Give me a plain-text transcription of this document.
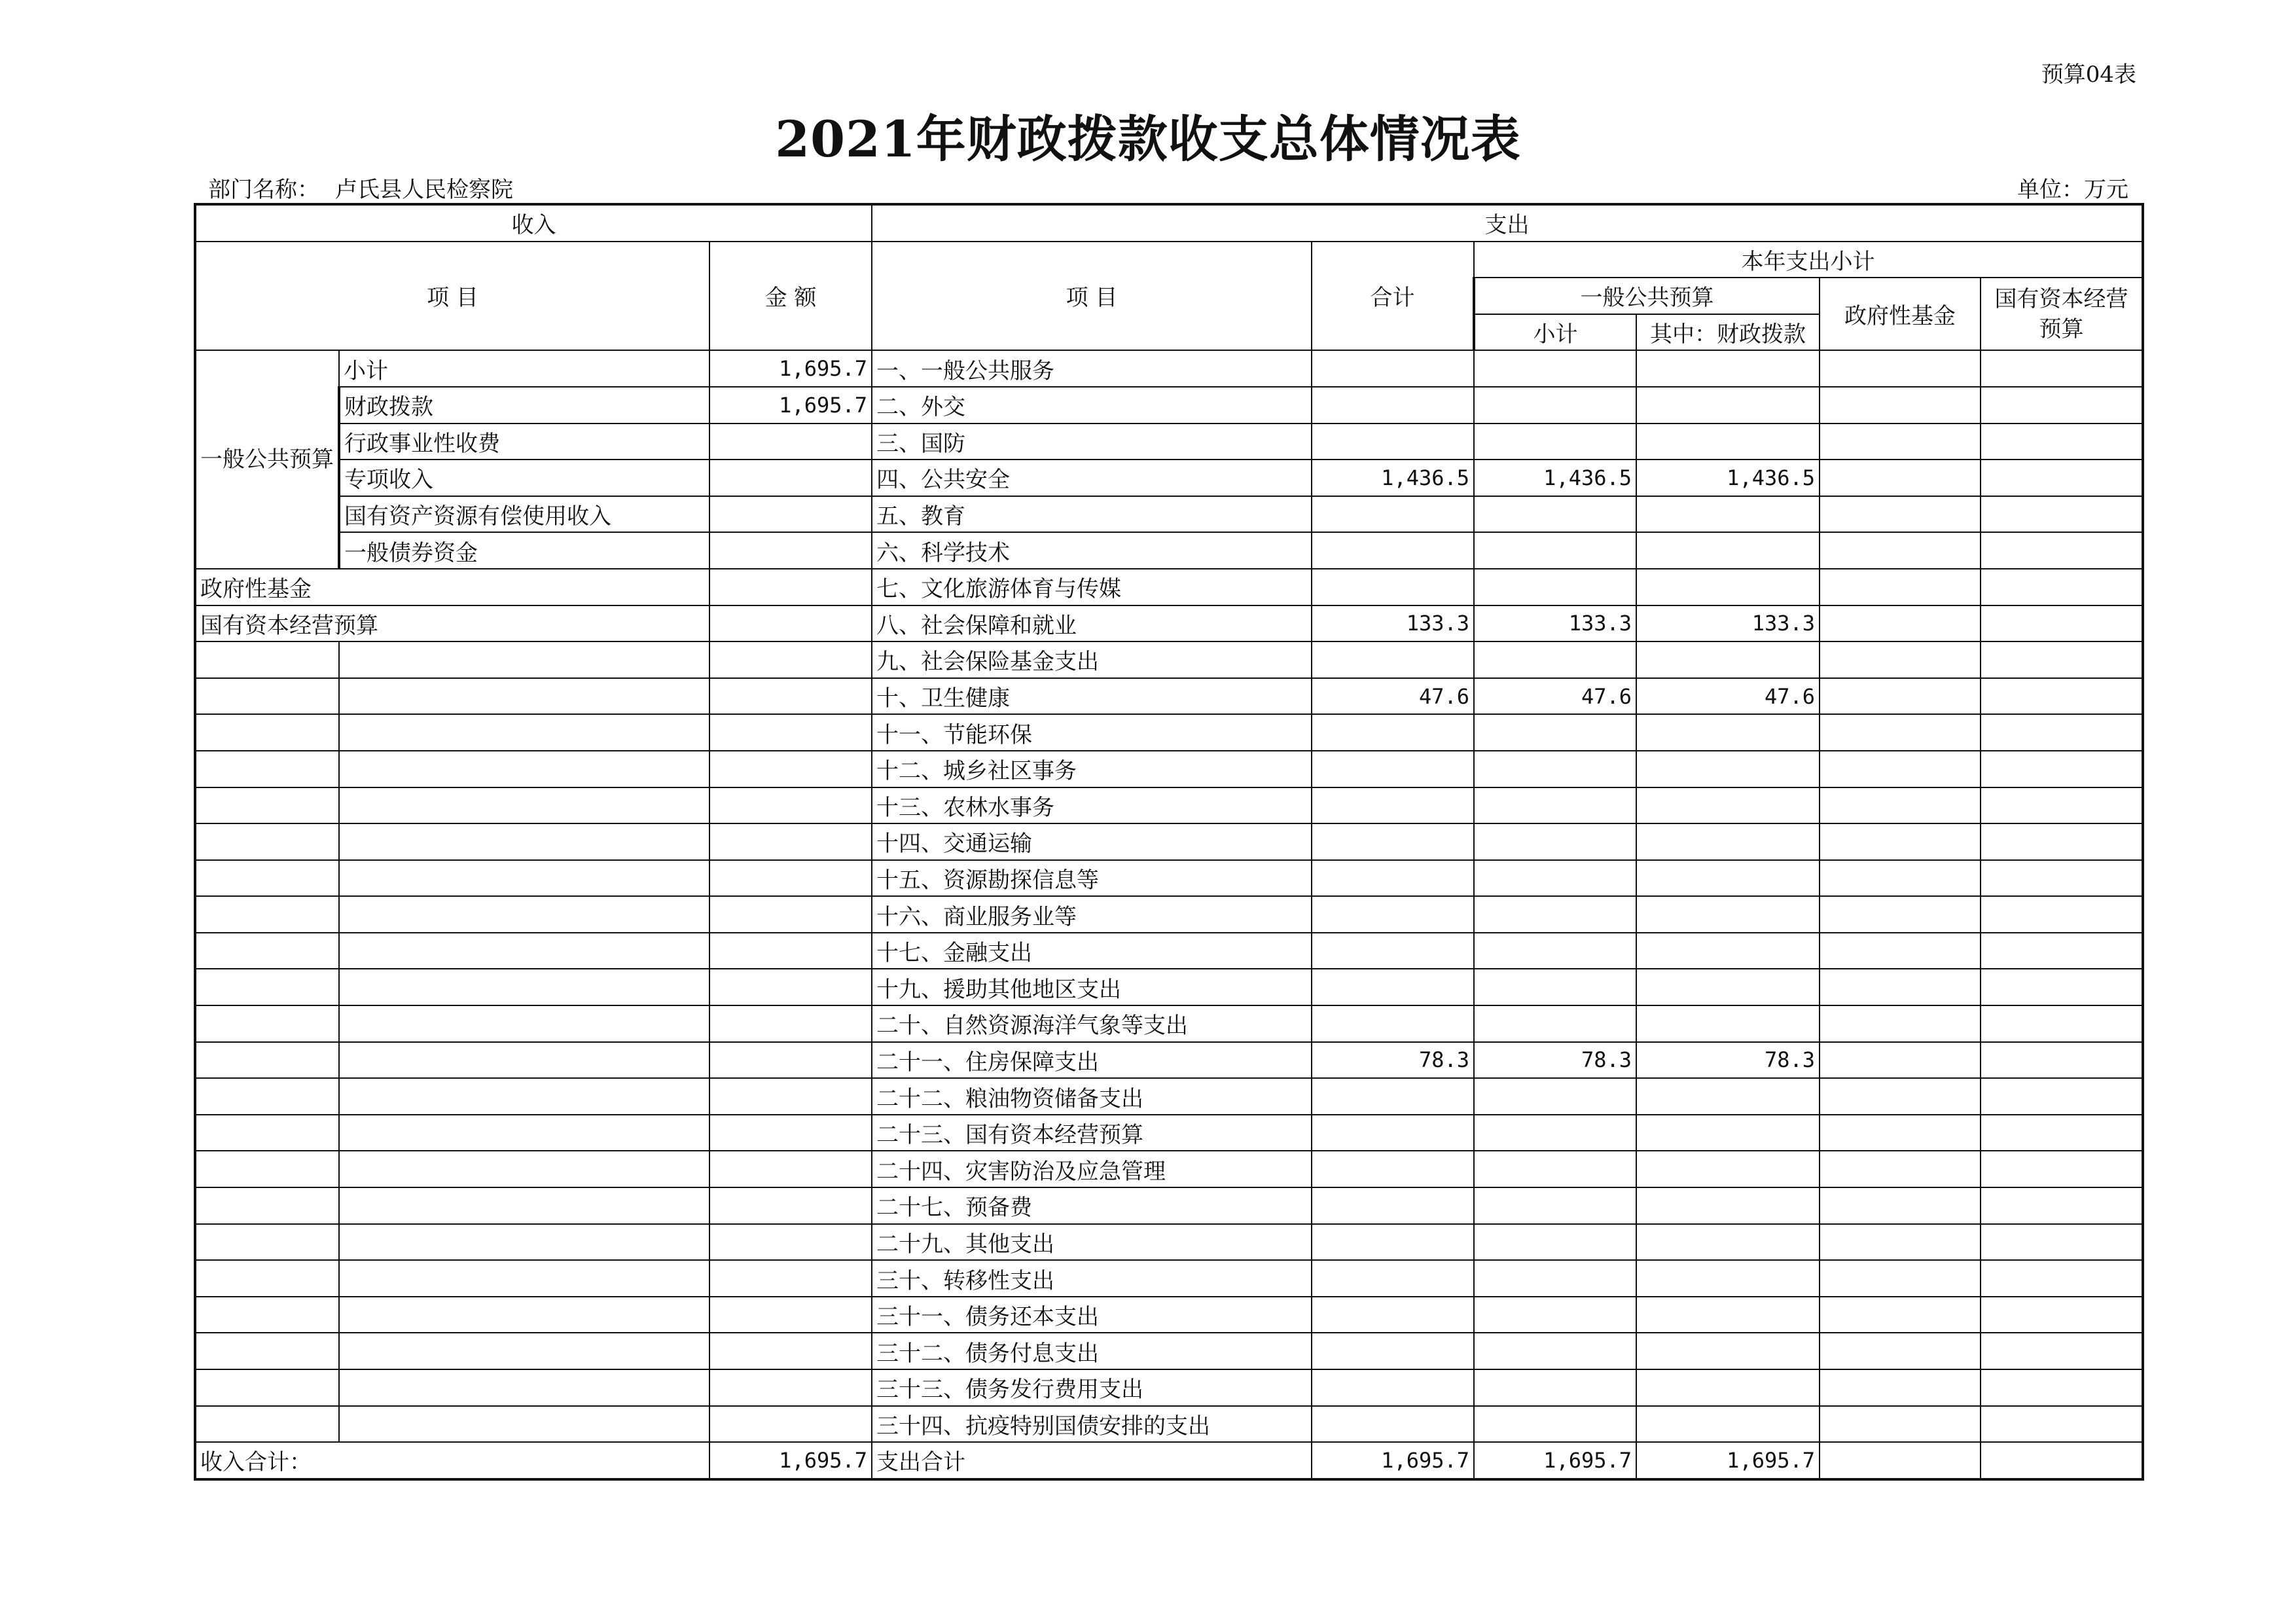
预算04表
2021年财政拨款收支总体情况表
部门名称： 卢氏县人民检察院	单位：万元
收入			支出					
项 目		金 额	项 目	合计	本年支出小计			
					一般公共预算		政府性基金	国有资本经营预算
					小计	其中：财政拨款		
一般公共预算	小计	1,695.7	一、一般公共服务					
	财政拨款	1,695.7	二、外交					
	行政事业性收费		三、国防					
	专项收入		四、公共安全	1,436.5	1,436.5	1,436.5		
	国有资产资源有偿使用收入		五、教育					
	一般债券资金		六、科学技术					
政府性基金			七、文化旅游体育与传媒					
国有资本经营预算			八、社会保障和就业	133.3	133.3	133.3		
			九、社会保险基金支出					
			十、卫生健康	47.6	47.6	47.6		
			十一、节能环保					
			十二、城乡社区事务					
			十三、农林水事务					
			十四、交通运输					
			十五、资源勘探信息等					
			十六、商业服务业等					
			十七、金融支出					
			十九、援助其他地区支出					
			二十、自然资源海洋气象等支出					
			二十一、住房保障支出	78.3	78.3	78.3		
			二十二、粮油物资储备支出					
			二十三、国有资本经营预算					
			二十四、灾害防治及应急管理					
			二十七、预备费					
			二十九、其他支出					
			三十、转移性支出					
			三十一、债务还本支出					
			三十二、债务付息支出					
			三十三、债务发行费用支出					
			三十四、抗疫特别国债安排的支出					
收入合计：		1,695.7	支出合计	1,695.7	1,695.7	1,695.7		
